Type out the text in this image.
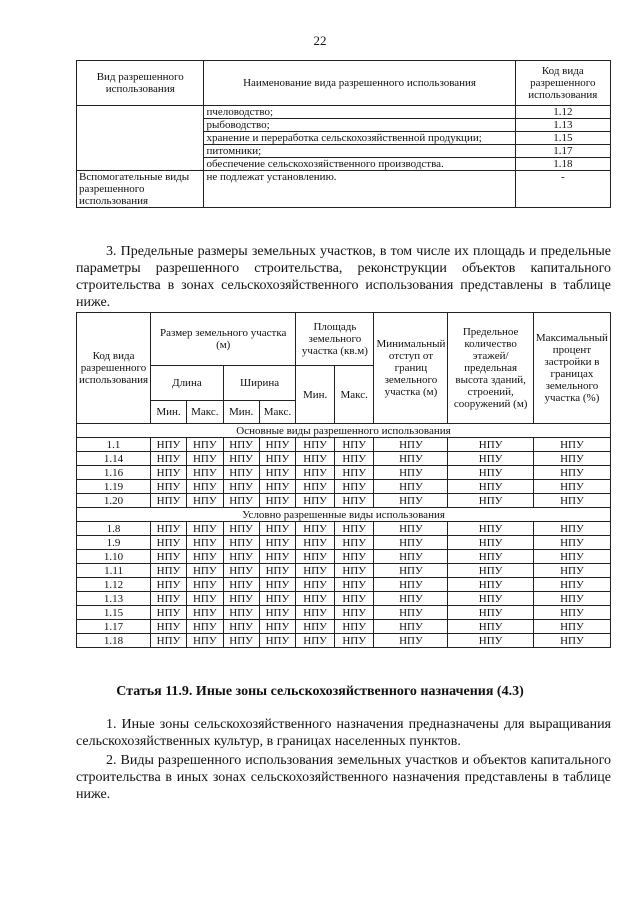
22
Вид разрешенного использования	Наименование вида разрешенного использования	Код вида разрешенного использования
	пчеловодство;	1.12
	рыбоводство;	1.13
	хранение и переработка сельскохозяйственной продукции;	1.15
	питомники;	1.17
	обеспечение сельскохозяйственного производства.	1.18
Вспомогательные виды разрешенного использования	не подлежат установлению.	-
3. Предельные размеры земельных участков, в том числе их площадь и предельные параметры разрешенного строительства, реконструкции объектов капитального строительства в зонах сельскохозяйственного использования представлены в таблице ниже.
Код вида разрешенного использования	Размер земельного участка (м)				Площадь земельного участка (кв.м)		Минимальный отступ от границ земельного участка (м)	Предельное количество этажей/ предельная высота зданий, строений, сооружений (м)	Максимальный процент застройки в границах земельного участка (%)
	Длина		Ширина		Мин.	Макс.			
	Мин.	Макс.	Мин.	Макс.					
Основные виды разрешенного использования									
1.1	НПУ	НПУ	НПУ	НПУ	НПУ	НПУ	НПУ	НПУ	НПУ
1.14	НПУ	НПУ	НПУ	НПУ	НПУ	НПУ	НПУ	НПУ	НПУ
1.16	НПУ	НПУ	НПУ	НПУ	НПУ	НПУ	НПУ	НПУ	НПУ
1.19	НПУ	НПУ	НПУ	НПУ	НПУ	НПУ	НПУ	НПУ	НПУ
1.20	НПУ	НПУ	НПУ	НПУ	НПУ	НПУ	НПУ	НПУ	НПУ
Условно разрешенные виды использования									
1.8	НПУ	НПУ	НПУ	НПУ	НПУ	НПУ	НПУ	НПУ	НПУ
1.9	НПУ	НПУ	НПУ	НПУ	НПУ	НПУ	НПУ	НПУ	НПУ
1.10	НПУ	НПУ	НПУ	НПУ	НПУ	НПУ	НПУ	НПУ	НПУ
1.11	НПУ	НПУ	НПУ	НПУ	НПУ	НПУ	НПУ	НПУ	НПУ
1.12	НПУ	НПУ	НПУ	НПУ	НПУ	НПУ	НПУ	НПУ	НПУ
1.13	НПУ	НПУ	НПУ	НПУ	НПУ	НПУ	НПУ	НПУ	НПУ
1.15	НПУ	НПУ	НПУ	НПУ	НПУ	НПУ	НПУ	НПУ	НПУ
1.17	НПУ	НПУ	НПУ	НПУ	НПУ	НПУ	НПУ	НПУ	НПУ
1.18	НПУ	НПУ	НПУ	НПУ	НПУ	НПУ	НПУ	НПУ	НПУ
Статья 11.9. Иные зоны сельскохозяйственного назначения (4.3)
1. Иные зоны сельскохозяйственного назначения предназначены для выращивания сельскохозяйственных культур, в границах населенных пунктов.
2. Виды разрешенного использования земельных участков и объектов капитального строительства в иных зонах сельскохозяйственного назначения представлены в таблице ниже.
